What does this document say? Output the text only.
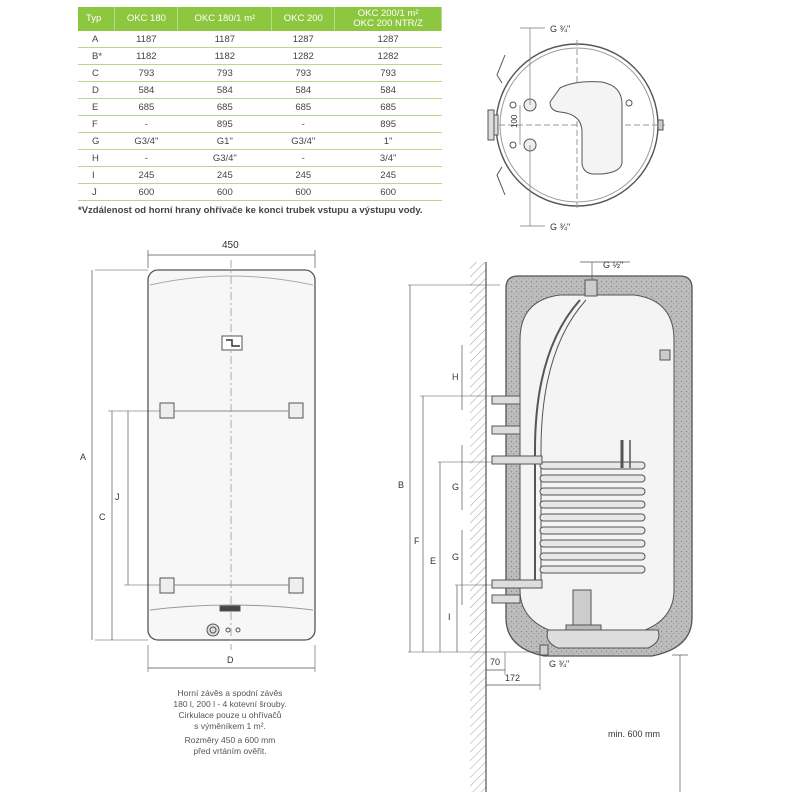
Typ	OKC 180	OKC 180/1 m²	OKC 200	OKC 200/1 m²
OKC 200 NTR/Z
A	1187	1187	1287	1287
B*	1182	1182	1282	1282
C	793	793	793	793
D	584	584	584	584
E	685	685	685	685
F	-	895	-	895
G	G3/4"	G1"	G3/4"	1"
H	-	G3/4"	-	3/4"
I	245	245	245	245
J	600	600	600	600
*Vzdálenost od horní hrany ohřívače ke konci trubek vstupu a výstupu vody.
G ¾"
G ¾"
100
450
A
C
J
D
G ½"
B
F
E
I
H
G
G
70
172
G ¾"
min. 600 mm
Horní závěs a spodní závěs
180 l, 200 l - 4 kotevní šrouby.
Cirkulace pouze u ohřívačů
s výměníkem 1 m².
Rozměry 450 a 600 mm
před vrtáním ověřit.
